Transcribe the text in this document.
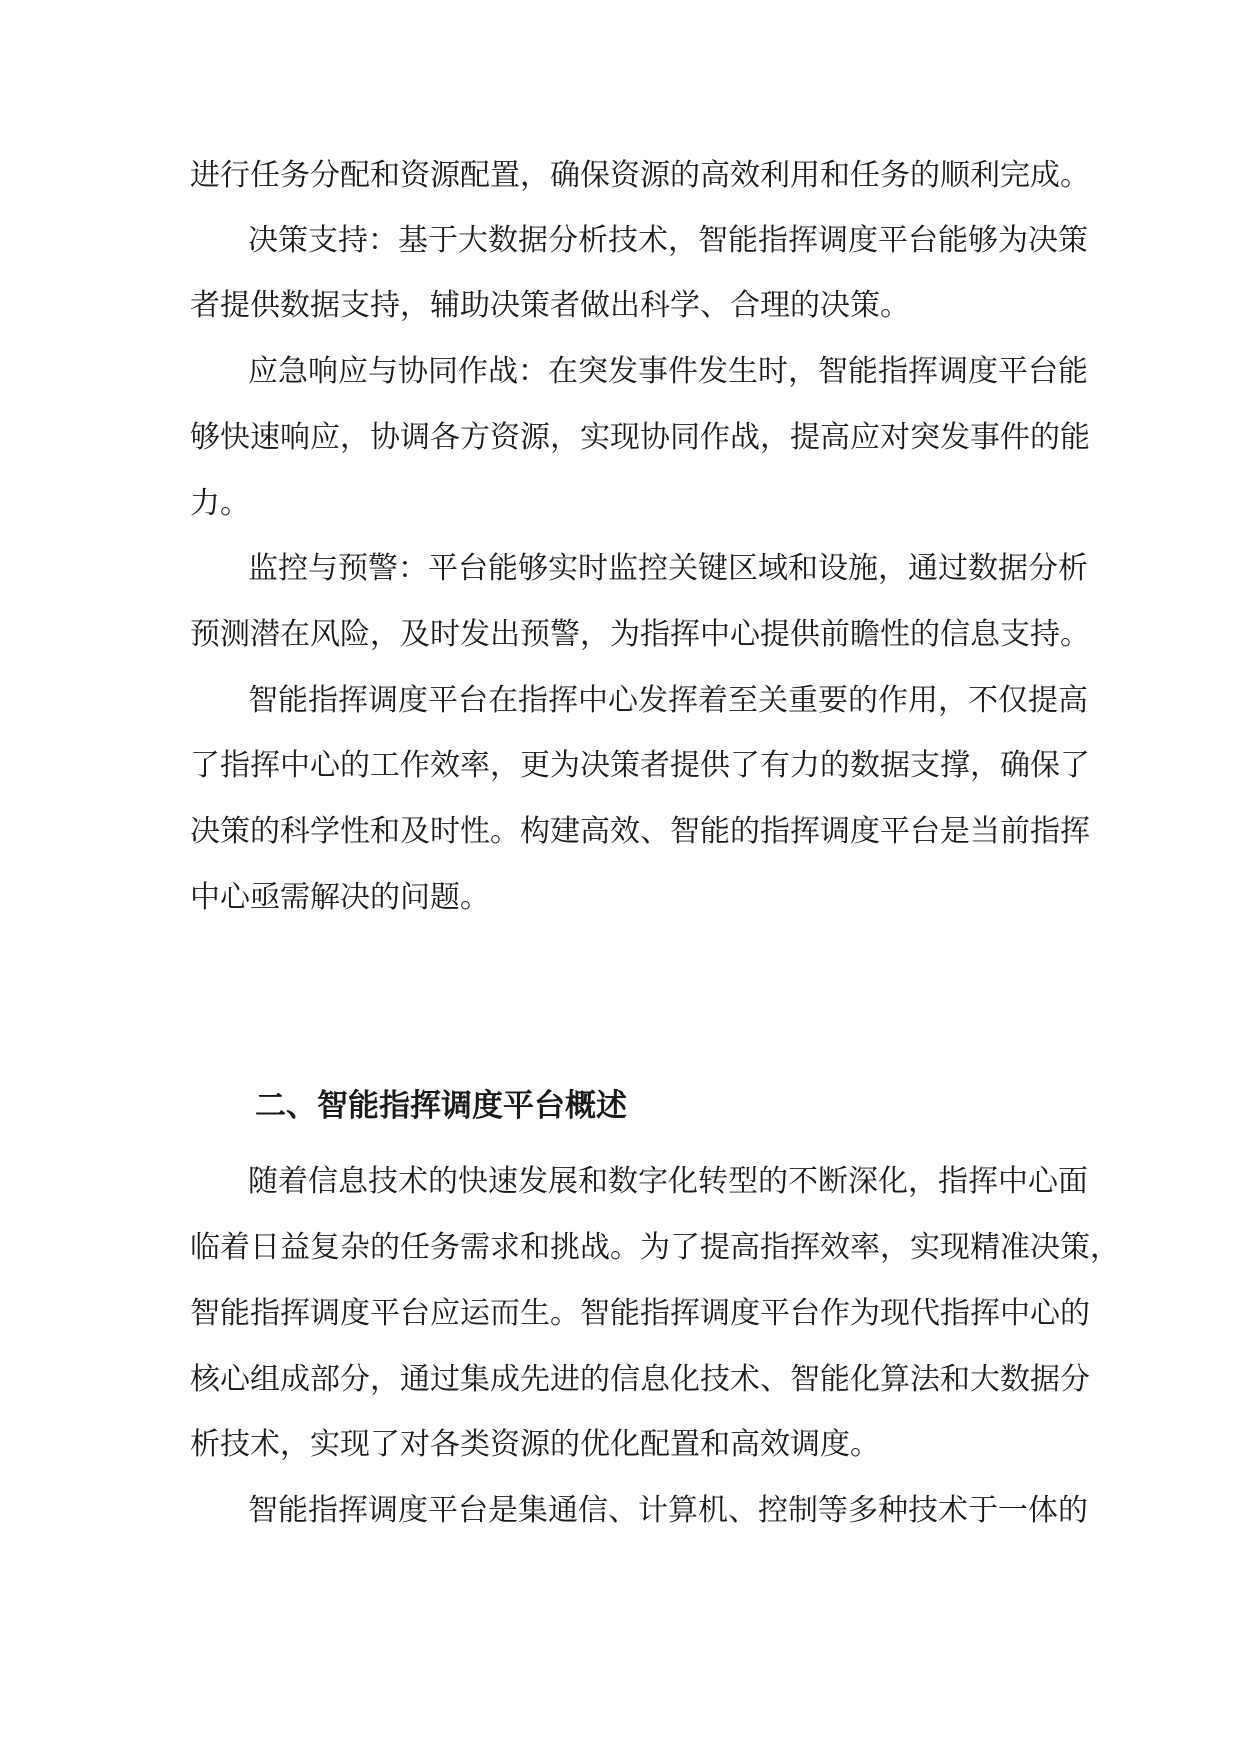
进行任务分配和资源配置，确保资源的高效利用和任务的顺利完成。
决策支持：基于大数据分析技术，智能指挥调度平台能够为决策
者提供数据支持，辅助决策者做出科学、合理的决策。
应急响应与协同作战：在突发事件发生时，智能指挥调度平台能
够快速响应，协调各方资源，实现协同作战，提高应对突发事件的能
力。
监控与预警：平台能够实时监控关键区域和设施，通过数据分析
预测潜在风险，及时发出预警，为指挥中心提供前瞻性的信息支持。
智能指挥调度平台在指挥中心发挥着至关重要的作用，不仅提高
了指挥中心的工作效率，更为决策者提供了有力的数据支撑，确保了
决策的科学性和及时性。构建高效、智能的指挥调度平台是当前指挥
中心亟需解决的问题。
二、智能指挥调度平台概述
随着信息技术的快速发展和数字化转型的不断深化，指挥中心面
临着日益复杂的任务需求和挑战。为了提高指挥效率，实现精准决策，
智能指挥调度平台应运而生。智能指挥调度平台作为现代指挥中心的
核心组成部分，通过集成先进的信息化技术、智能化算法和大数据分
析技术，实现了对各类资源的优化配置和高效调度。
智能指挥调度平台是集通信、计算机、控制等多种技术于一体的
